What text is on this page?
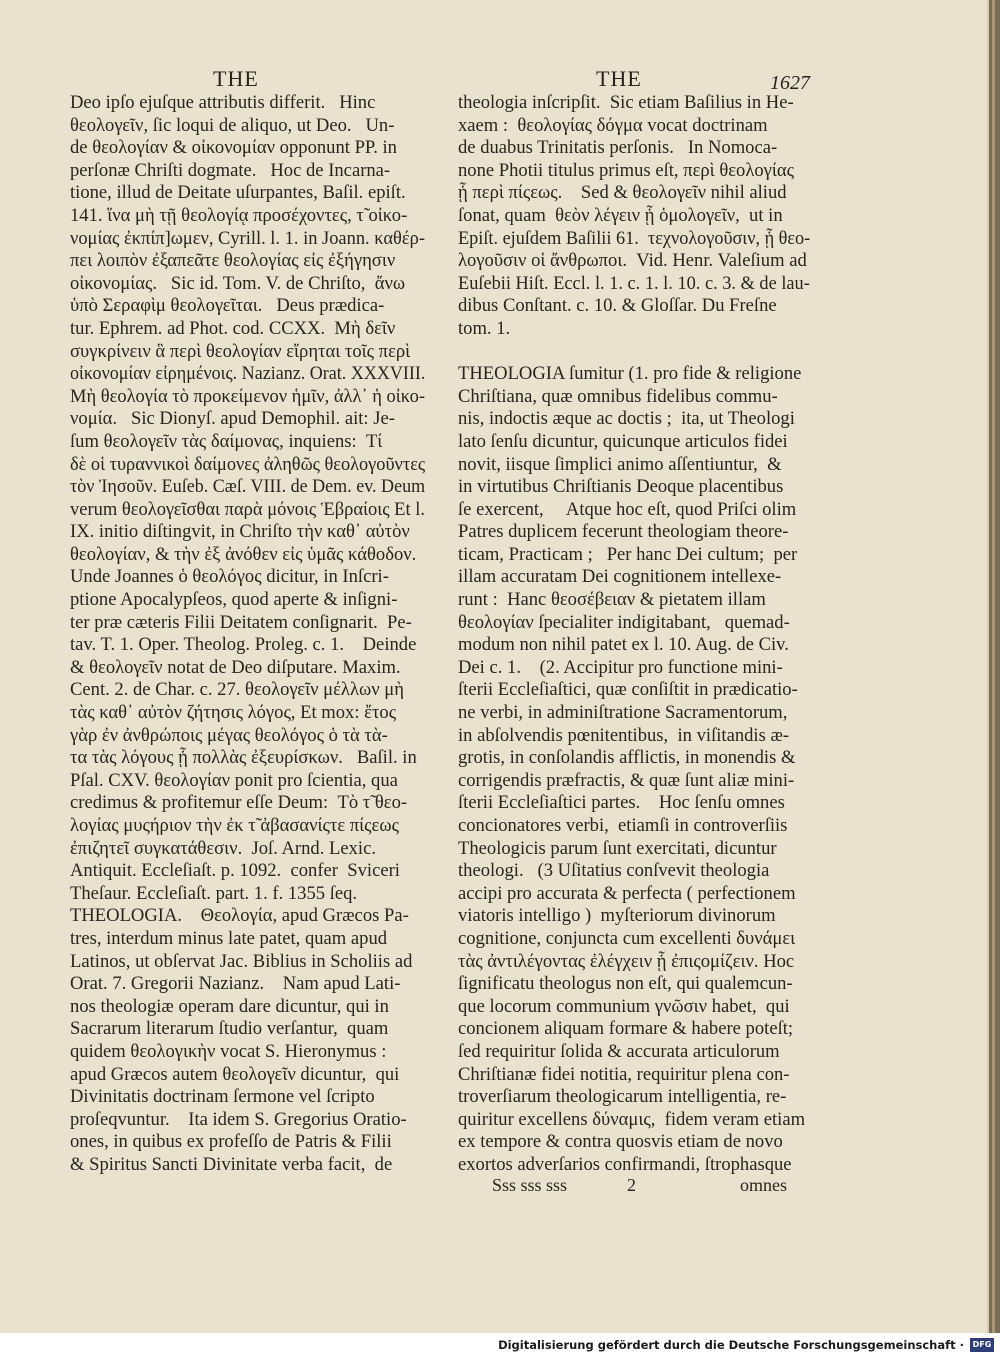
THE	THE	1627
Deo ipſo ejuſque attributis differit.   Hinc
θεολογεῖν, ſic loqui de aliquo, ut Deo.   Un-
de θεολογίαν & οἰκονομίαν opponunt PP. in
perſonæ Chriſti dogmate.   Hoc de Incarna-
tione, illud de Deitate uſurpantes, Baſil. epiſt.
141. ἵνα μὴ τῇ θεολογίᾳ προσέχοντες, τ̃ οἰκο-
νομίας ἐκπίπ]ωμεν, Cyrill. l. 1. in Joann. καθέρ-
πει λοιπὸν ἐξαπεᾶτε θεολογίας εἰς ἐξήγησιν
οἰκονομίας.   Sic id. Tom. V. de Chriſto,  ἄνω
ὑπὸ Σεραφὶμ θεολογεῖται.   Deus prædica-
tur. Ephrem. ad Phot. cod. CCXX.  Μὴ δεῖν
συγκρίνειν ἃ περὶ θεολογίαν εἴρηται τοῖς περὶ
οἰκονομίαν εἰρημένοις. Nazianz. Orat. XXXVIII.
Μὴ θεολογία τὸ προκείμενον ἡμῖν, ἀλλ᾽ ἡ οἰκο-
νομία.   Sic Dionyſ. apud Demophil. ait: Je-
ſum θεολογεῖν τὰς δαίμονας, inquiens:  Τί
δὲ οἱ τυραννικοὶ δαίμονες ἀληθῶς θεολογοῦντες
τὸν Ἰησοῦν. Euſeb. Cæſ. VIII. de Dem. ev. Deum
verum θεολογεῖσθαι παρὰ μόνοις Ἑβραίοις Et l.
IX. initio diſtingvit, in Chriſto τὴν καθ᾽ αὐτὸν
θεολογίαν, & τὴν ἐξ ἀνόθεν εἰς ὑμᾶς κάθοδον.
Unde Joannes ὁ θεολόγος dicitur, in Inſcri-
ptione Apocalypſeos, quod aperte & inſigni-
ter præ cæteris Filii Deitatem conſignarit.  Pe-
tav. T. 1. Oper. Theolog. Proleg. c. 1.    Deinde
& θεολογεῖν notat de Deo diſputare. Maxim.
Cent. 2. de Char. c. 27. θεολογεῖν μέλλων μὴ
τὰς καθ᾽ αὐτὸν ζήτησις λόγος, Et mox: ἔτος
γὰρ ἐν ἀνθρώποις μέγας θεολόγος ὁ τὰ τὰ-
τα τὰς λόγους ᾗ πολλὰς ἐξευρίσκων.   Baſil. in
Pſal. CXV. θεολογίαν ponit pro ſcientia, qua
credimus & profitemur eſſe Deum:  Τὸ τ̃ θεο-
λογίας μυςήριον τὴν ἐκ τ̃ ἀβασανίςτε πίςεως
ἐπιζητεῖ συγκατάθεσιν.  Joſ. Arnd. Lexic.
Antiquit. Eccleſiaſt. p. 1092.  confer  Sviceri
Theſaur. Eccleſiaſt. part. 1. f. 1355 ſeq.
THEOLOGIA.    Θεολογία, apud Græcos Pa-
tres, interdum minus late patet, quam apud
Latinos, ut obſervat Jac. Biblius in Scholiis ad
Orat. 7. Gregorii Nazianz.    Nam apud Lati-
nos theologiæ operam dare dicuntur, qui in
Sacrarum literarum ſtudio verſantur,  quam
quidem θεολογικὴν vocat S. Hieronymus :
apud Græcos autem θεολογεῖν dicuntur,  qui
Divinitatis doctrinam ſermone vel ſcripto
proſeqvuntur.    Ita idem S. Gregorius Oratio-
ones, in quibus ex profeſſo de Patris & Filii
& Spiritus Sancti Divinitate verba facit,  de
theologia inſcripſit.  Sic etiam Baſilius in He-
xaem :  θεολογίας δόγμα vocat doctrinam
de duabus Trinitatis perſonis.   In Nomoca-
none Photii titulus primus eſt, περὶ θεολογίας
ᾗ περὶ πίςεως.    Sed & θεολογεῖν nihil aliud
ſonat, quam  θεὸν λέγειν ᾗ ὁμολογεῖν,  ut in
Epiſt. ejuſdem Baſilii 61.  τεχνολογοῦσιν, ᾗ θεο-
λογοῦσιν οἱ ἄνθρωποι.  Vid. Henr. Valeſium ad
Euſebii Hiſt. Eccl. l. 1. c. 1. l. 10. c. 3. & de lau-
dibus Conſtant. c. 10. & Gloſſar. Du Freſne
tom. 1.
THEOLOGIA ſumitur (1. pro fide & religione
Chriſtiana, quæ omnibus fidelibus commu-
nis, indoctis æque ac doctis ;  ita, ut Theologi
lato ſenſu dicuntur, quicunque articulos fidei
novit, iisque ſimplici animo aſſentiuntur,  &
in virtutibus Chriſtianis Deoque placentibus
ſe exercent,     Atque hoc eſt, quod Priſci olim
Patres duplicem fecerunt theologiam theore-
ticam, Practicam ;   Per hanc Dei cultum;  per
illam accuratam Dei cognitionem intellexe-
runt :  Hanc θεοσέβειαν & pietatem illam
θεολογίαν ſpecialiter indigitabant,   quemad-
modum non nihil patet ex l. 10. Aug. de Civ.
Dei c. 1.    (2. Accipitur pro functione mini-
ſterii Eccleſiaſtici, quæ conſiſtit in prædicatio-
ne verbi, in adminiſtratione Sacramentorum,
in abſolvendis pœnitentibus,  in viſitandis æ-
grotis, in conſolandis afflictis, in monendis &
corrigendis præfractis, & quæ ſunt aliæ mini-
ſterii Eccleſiaſtici partes.    Hoc ſenſu omnes
concionatores verbi,  etiamſi in controverſiis
Theologicis parum ſunt exercitati, dicuntur
theologi.   (3 Uſitatius conſvevit theologia
accipi pro accurata & perfecta ( perfectionem
viatoris intelligo )  myſteriorum divinorum
cognitione, conjuncta cum excellenti δυνάμει
τὰς ἀντιλέγοντας ἐλέγχειν ᾗ ἐπιςομίζειν. Hoc
ſignificatu theologus non eſt, qui qualemcun-
que locorum communium γνῶσιν habet,  qui
concionem aliquam formare & habere poteſt;
ſed requiritur ſolida & accurata articulorum
Chriſtianæ fidei notitia, requiritur plena con-
troverſiarum theologicarum intelligentia, re-
quiritur excellens δύναμις,  fidem veram etiam
ex tempore & contra quosvis etiam de novo
exortos adverſarios confirmandi, ſtrophasque
Sss sss sss	2	omnes
Digitalisierung gefördert durch die Deutsche Forschungsgemeinschaft ·	DFG
